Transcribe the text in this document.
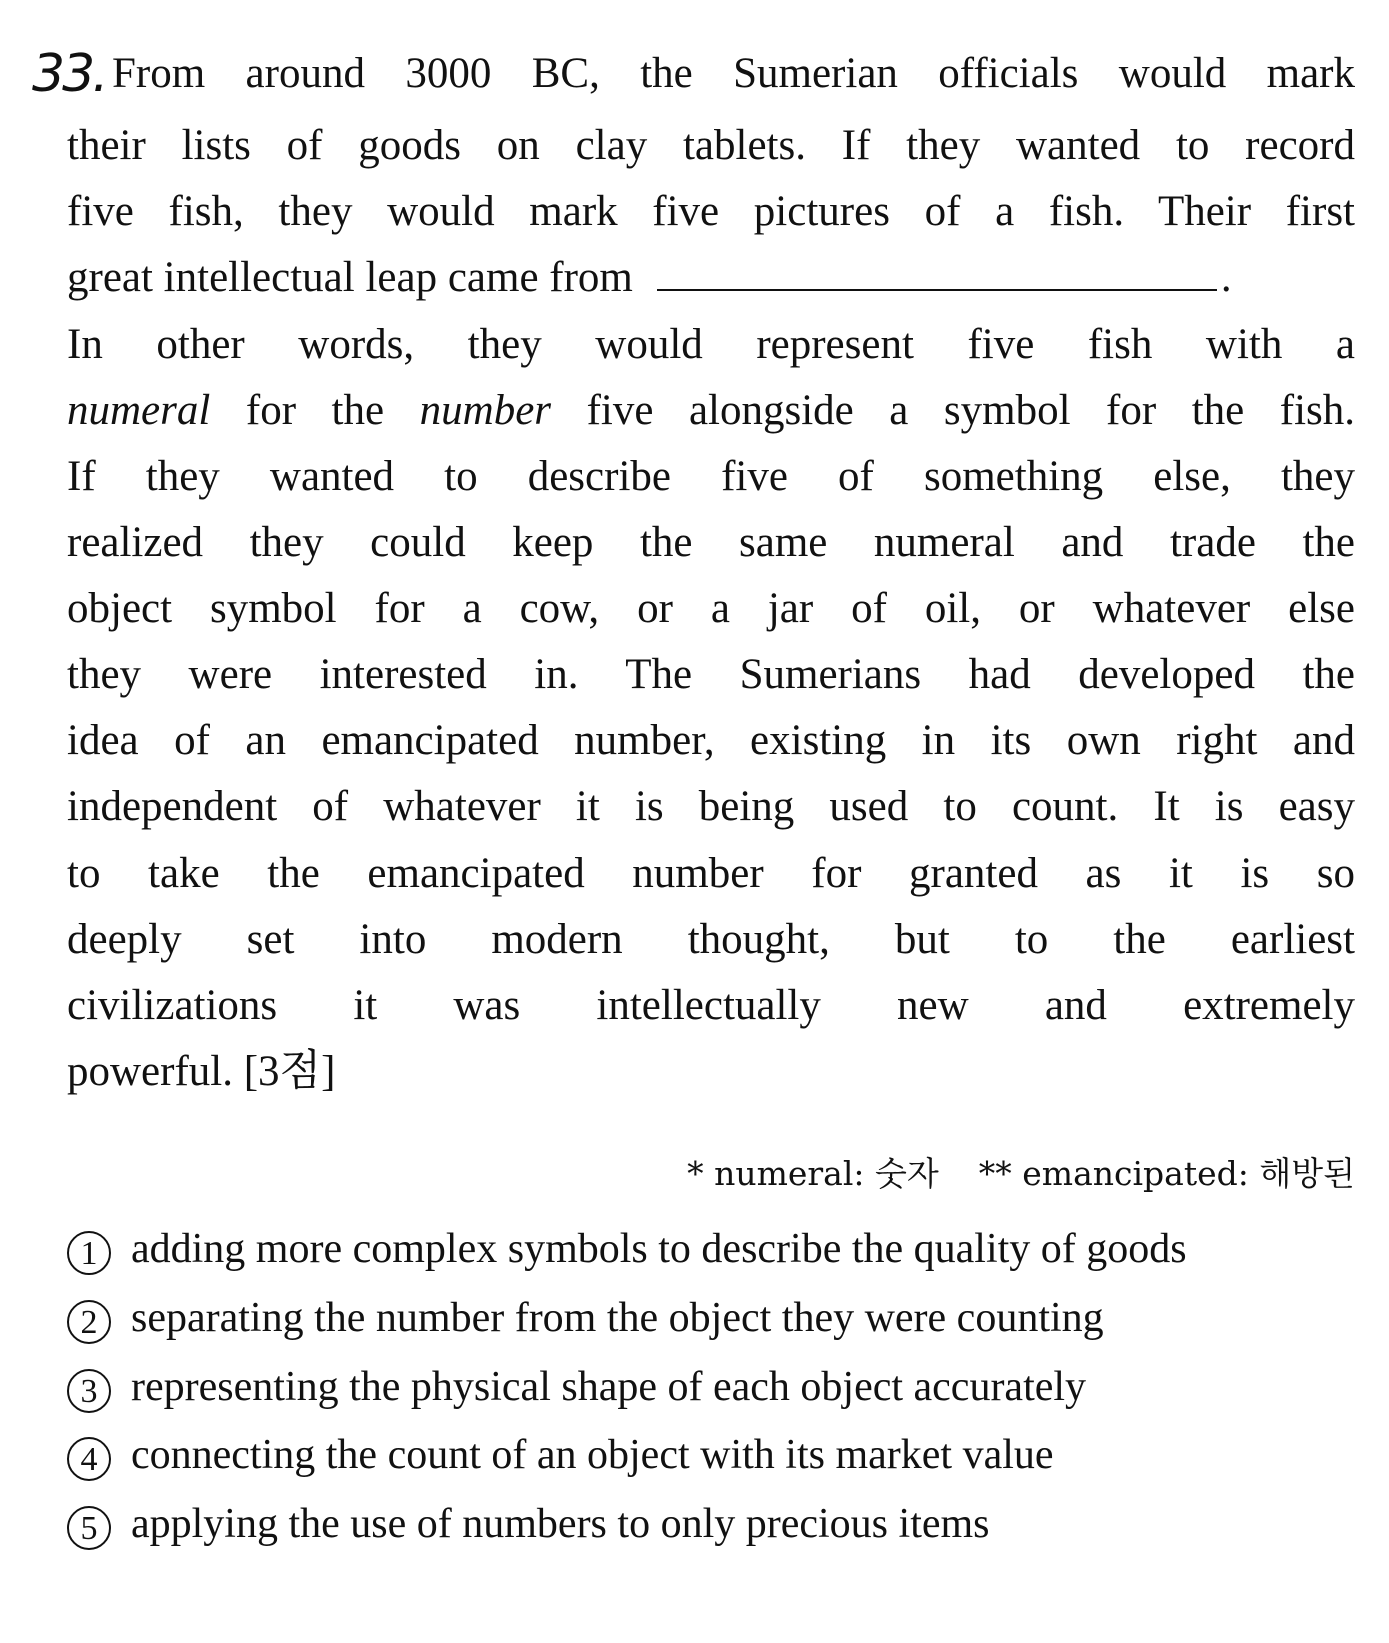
33. From around 3000 BC, the Sumerian officials would mark
their lists of goods on clay tablets. If they wanted to record
five fish, they would mark five pictures of a fish. Their first
great intellectual leap came from	.
In other words, they would represent five fish with a
numeral for the number five alongside a symbol for the fish.
If they wanted to describe five of something else, they
realized they could keep the same numeral and trade the
object symbol for a cow, or a jar of oil, or whatever else
they were interested in. The Sumerians had developed the
idea of an emancipated number, existing in its own right and
independent of whatever it is being used to count. It is easy
to take the emancipated number for granted as it is so
deeply set into modern thought, but to the earliest
civilizations it was intellectually new and extremely
powerful. [3점]
* numeral: 숫자 ** emancipated: 해방된
1 adding more complex symbols to describe the quality of goods
2 separating the number from the object they were counting
3 representing the physical shape of each object accurately
4 connecting the count of an object with its market value
5 applying the use of numbers to only precious items
